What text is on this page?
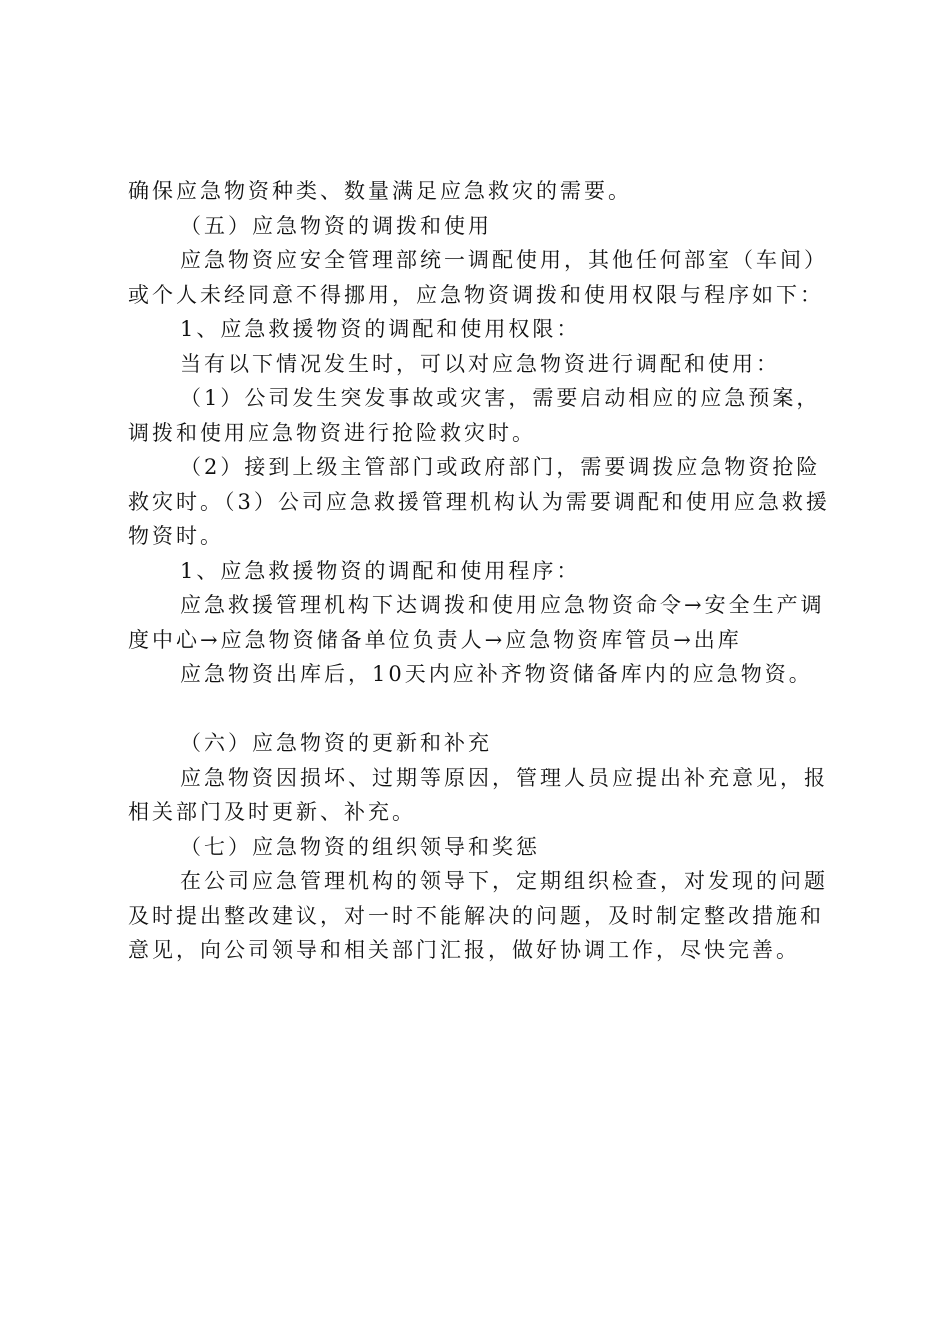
确保应急物资种类、数量满足应急救灾的需要。

（五）应急物资的调拨和使用

应急物资应安全管理部统一调配使用，其他任何部室（车间）或个人未经同意不得挪用，应急物资调拨和使用权限与程序如下：

1、应急救援物资的调配和使用权限：

当有以下情况发生时，可以对应急物资进行调配和使用：

（1）公司发生突发事故或灾害，需要启动相应的应急预案，调拨和使用应急物资进行抢险救灾时。

（2）接到上级主管部门或政府部门，需要调拨应急物资抢险救灾时。（3）公司应急救援管理机构认为需要调配和使用应急救援物资时。

1、应急救援物资的调配和使用程序：

应急救援管理机构下达调拨和使用应急物资命令→安全生产调度中心→应急物资储备单位负责人→应急物资库管员→出库

应急物资出库后，10天内应补齐物资储备库内的应急物资。

（六）应急物资的更新和补充

应急物资因损坏、过期等原因，管理人员应提出补充意见，报相关部门及时更新、补充。

（七）应急物资的组织领导和奖惩

在公司应急管理机构的领导下，定期组织检查，对发现的问题及时提出整改建议，对一时不能解决的问题，及时制定整改措施和意见，向公司领导和相关部门汇报，做好协调工作，尽快完善。
